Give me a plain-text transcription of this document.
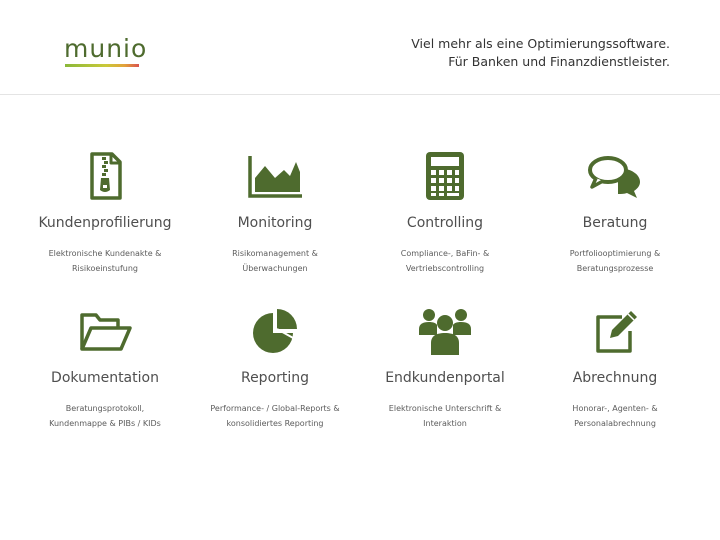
munio	Viel mehr als eine Optimierungssoftware.
Für Banken und Finanzdienstleister.
Kundenprofilierung
Elektronische Kundenakte &
Risikoeinstufung
Monitoring
Risikomanagement &
Überwachungen
Controlling
Compliance-, BaFin- &
Vertriebscontrolling
Beratung
Portfoliooptimierung &
Beratungsprozesse
Dokumentation
Beratungsprotokoll,
Kundenmappe & PIBs / KIDs
Reporting
Performance- / Global-Reports &
konsolidiertes Reporting
Endkundenportal
Elektronische Unterschrift &
Interaktion
Abrechnung
Honorar-, Agenten- &
Personalabrechnung
